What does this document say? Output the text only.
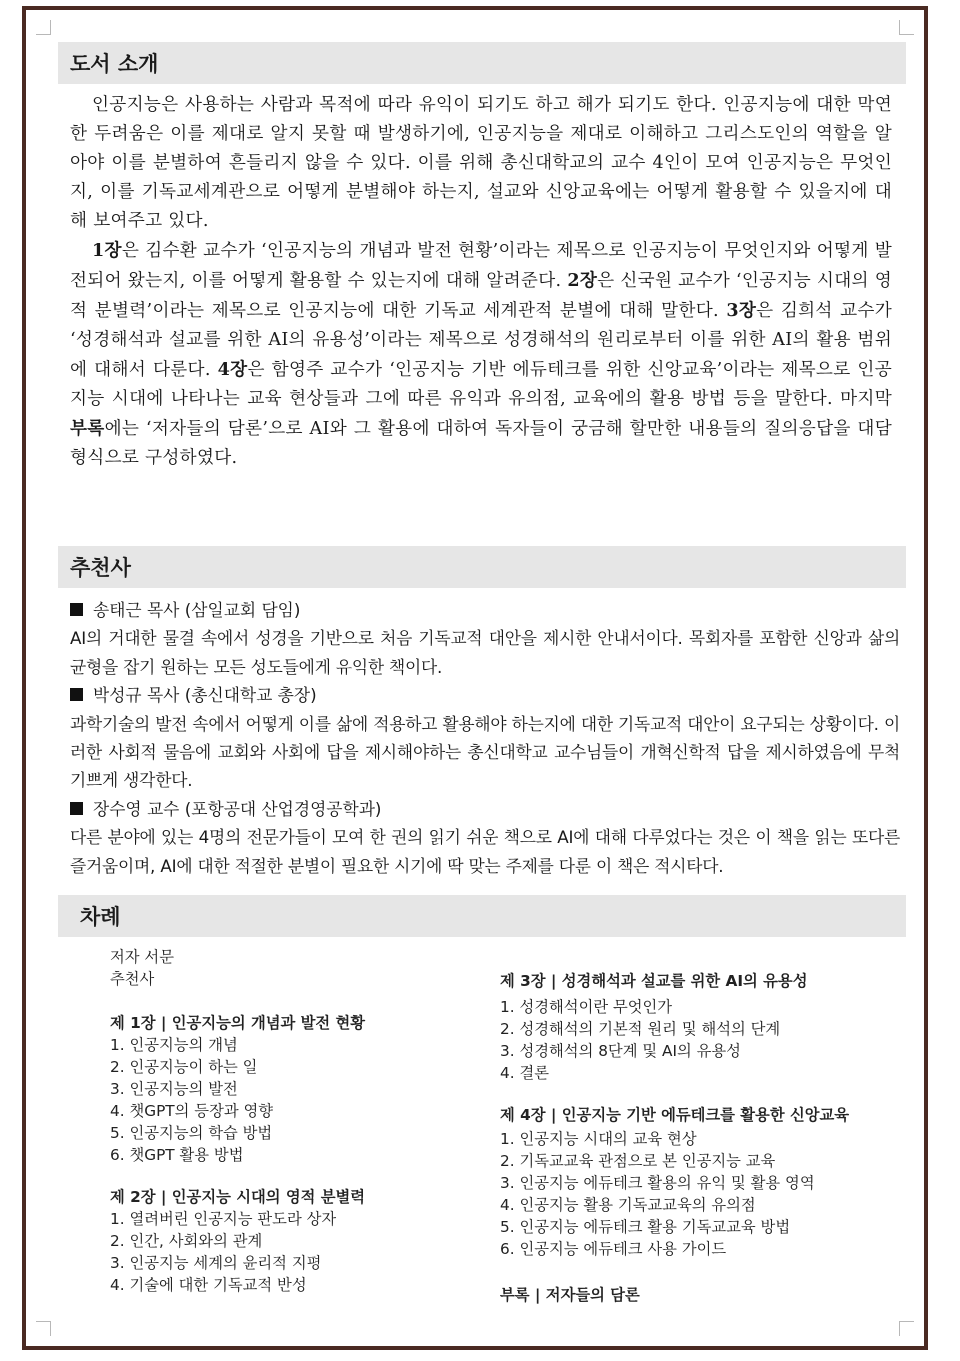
도서 소개

인공지능은 사용하는 사람과 목적에 따라 유익이 되기도 하고 해가 되기도 한다. 인공지능에 대한 막연한 두려움은 이를 제대로 알지 못할 때 발생하기에, 인공지능을 제대로 이해하고 그리스도인의 역할을 알아야 이를 분별하여 흔들리지 않을 수 있다. 이를 위해 총신대학교의 교수 4인이 모여 인공지능은 무엇인지, 이를 기독교세계관으로 어떻게 분별해야 하는지, 설교와 신앙교육에는 어떻게 활용할 수 있을지에 대해 보여주고 있다.

1장은 김수환 교수가 ‘인공지능의 개념과 발전 현황’이라는 제목으로 인공지능이 무엇인지와 어떻게 발전되어 왔는지, 이를 어떻게 활용할 수 있는지에 대해 알려준다. 2장은 신국원 교수가 ‘인공지능 시대의 영적 분별력’이라는 제목으로 인공지능에 대한 기독교 세계관적 분별에 대해 말한다. 3장은 김희석 교수가 ‘성경해석과 설교를 위한 AI의 유용성’이라는 제목으로 성경해석의 원리로부터 이를 위한 AI의 활용 범위에 대해서 다룬다. 4장은 함영주 교수가 ‘인공지능 기반 에듀테크를 위한 신앙교육’이라는 제목으로 인공지능 시대에 나타나는 교육 현상들과 그에 따른 유익과 유의점, 교육에의 활용 방법 등을 말한다. 마지막 부록에는 ‘저자들의 담론’으로 AI와 그 활용에 대하여 독자들이 궁금해 할만한 내용들의 질의응답을 대담형식으로 구성하였다.

추천사
송태근 목사 (삼일교회 담임)

AI의 거대한 물결 속에서 성경을 기반으로 처음 기독교적 대안을 제시한 안내서이다. 목회자를 포함한 신앙과 삶의 균형을 잡기 원하는 모든 성도들에게 유익한 책이다.

박성규 목사 (총신대학교 총장)

과학기술의 발전 속에서 어떻게 이를 삶에 적용하고 활용해야 하는지에 대한 기독교적 대안이 요구되는 상황이다. 이러한 사회적 물음에 교회와 사회에 답을 제시해야하는 총신대학교 교수님들이 개혁신학적 답을 제시하였음에 무척 기쁘게 생각한다.

장수영 교수 (포항공대 산업경영공학과)

다른 분야에 있는 4명의 전문가들이 모여 한 권의 읽기 쉬운 책으로 AI에 대해 다루었다는 것은 이 책을 읽는 또다른 즐거움이며, AI에 대한 적절한 분별이 필요한 시기에 딱 맞는 주제를 다룬 이 책은 적시타다.

차례
저자 서문
추천사
제 1장 | 인공지능의 개념과 발전 현황
1. 인공지능의 개념
2. 인공지능이 하는 일
3. 인공지능의 발전
4. 챗GPT의 등장과 영향
5. 인공지능의 학습 방법
6. 챗GPT 활용 방법
제 2장 | 인공지능 시대의 영적 분별력
1. 열려버린 인공지능 판도라 상자
2. 인간, 사회와의 관계
3. 인공지능 세계의 윤리적 지평
4. 기술에 대한 기독교적 반성
제 3장 | 성경해석과 설교를 위한 AI의 유용성
1. 성경해석이란 무엇인가
2. 성경해석의 기본적 원리 및 해석의 단계
3. 성경해석의 8단계 및 AI의 유용성
4. 결론
제 4장 | 인공지능 기반 에듀테크를 활용한 신앙교육
1. 인공지능 시대의 교육 현상
2. 기독교교육 관점으로 본 인공지능 교육
3. 인공지능 에듀테크 활용의 유익 및 활용 영역
4. 인공지능 활용 기독교교육의 유의점
5. 인공지능 에듀테크 활용 기독교교육 방법
6. 인공지능 에듀테크 사용 가이드
부록 | 저자들의 담론
